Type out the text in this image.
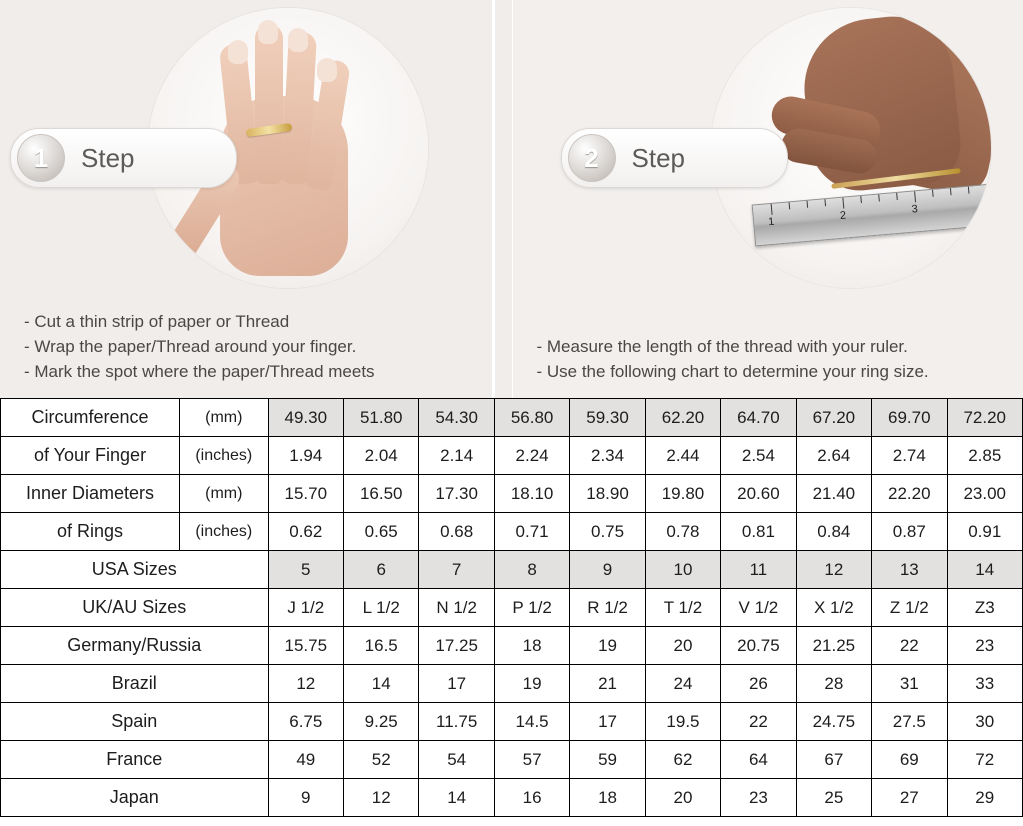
1	Step
- Cut a thin strip of paper or Thread
- Wrap the paper/Thread around your finger.
- Mark the spot where the paper/Thread meets
1
2
3
2	Step
- Measure the length of the thread with your ruler.
- Use the following chart to determine your ring size.
Circumference	(mm)	49.30	51.80	54.30	56.80	59.30	62.20	64.70	67.20	69.70	72.20
of Your Finger	(inches)	1.94	2.04	2.14	2.24	2.34	2.44	2.54	2.64	2.74	2.85
Inner Diameters	(mm)	15.70	16.50	17.30	18.10	18.90	19.80	20.60	21.40	22.20	23.00
of Rings	(inches)	0.62	0.65	0.68	0.71	0.75	0.78	0.81	0.84	0.87	0.91
USA Sizes		5	6	7	8	9	10	11	12	13	14
UK/AU Sizes		J 1/2	L 1/2	N 1/2	P 1/2	R 1/2	T 1/2	V 1/2	X 1/2	Z 1/2	Z3
Germany/Russia		15.75	16.5	17.25	18	19	20	20.75	21.25	22	23
Brazil		12	14	17	19	21	24	26	28	31	33
Spain		6.75	9.25	11.75	14.5	17	19.5	22	24.75	27.5	30
France		49	52	54	57	59	62	64	67	69	72
Japan		9	12	14	16	18	20	23	25	27	29
